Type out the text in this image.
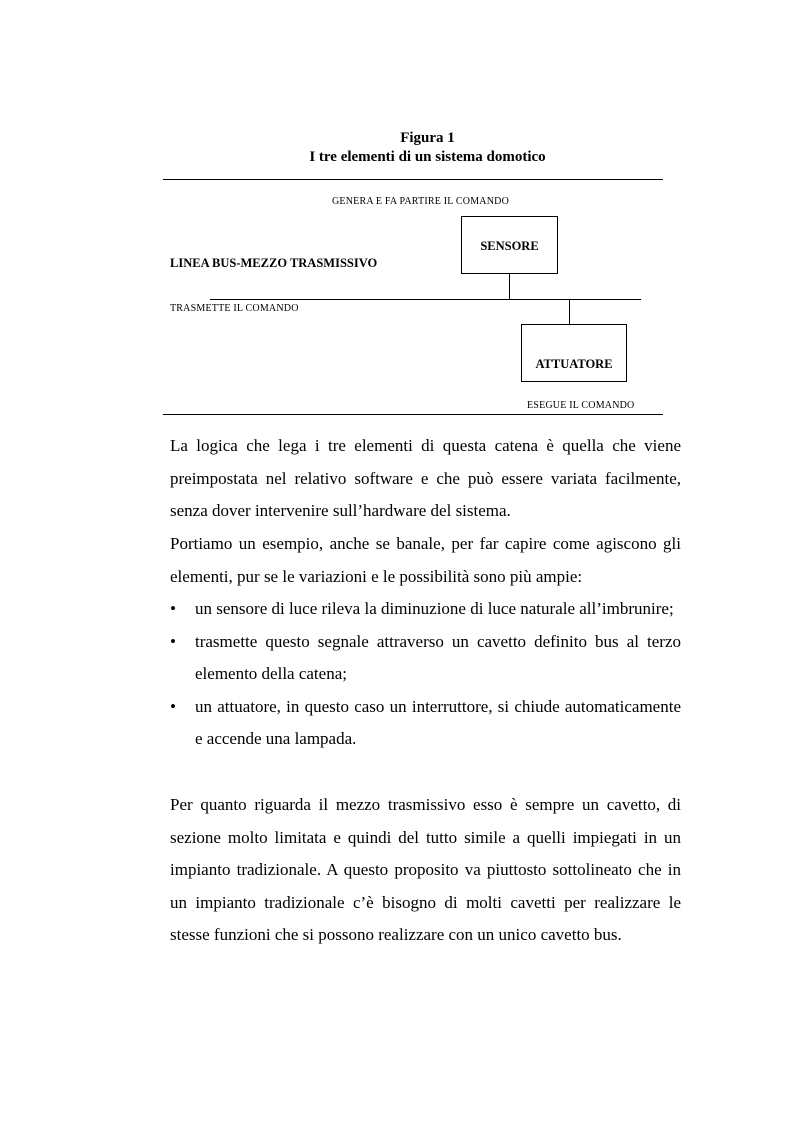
Figura 1
I tre elementi di un sistema domotico
GENERA E FA PARTIRE IL COMANDO
SENSORE
LINEA BUS-MEZZO TRASMISSIVO
TRASMETTE IL COMANDO
ATTUATORE
ESEGUE IL COMANDO

La logica che lega i tre elementi di questa catena è quella che viene preimpostata nel relativo software e che può essere variata facilmente, senza dover intervenire sull’hardware del sistema.

Portiamo un esempio, anche se banale, per far capire come agiscono gli elementi, pur se le variazioni e le possibilità sono più ampie:

• un sensore di luce rileva la diminuzione di luce naturale all’imbrunire;
• trasmette questo segnale attraverso un cavetto definito bus al terzo elemento della catena;
• un attuatore, in questo caso un interruttore, si chiude automaticamente e accende una lampada.

Per quanto riguarda il mezzo trasmissivo esso è sempre un cavetto, di sezione molto limitata e quindi del tutto simile a quelli impiegati in un impianto tradizionale. A questo proposito va piuttosto sottolineato che in un impianto tradizionale c’è bisogno di molti cavetti per realizzare le stesse funzioni che si possono realizzare con un unico cavetto bus.
